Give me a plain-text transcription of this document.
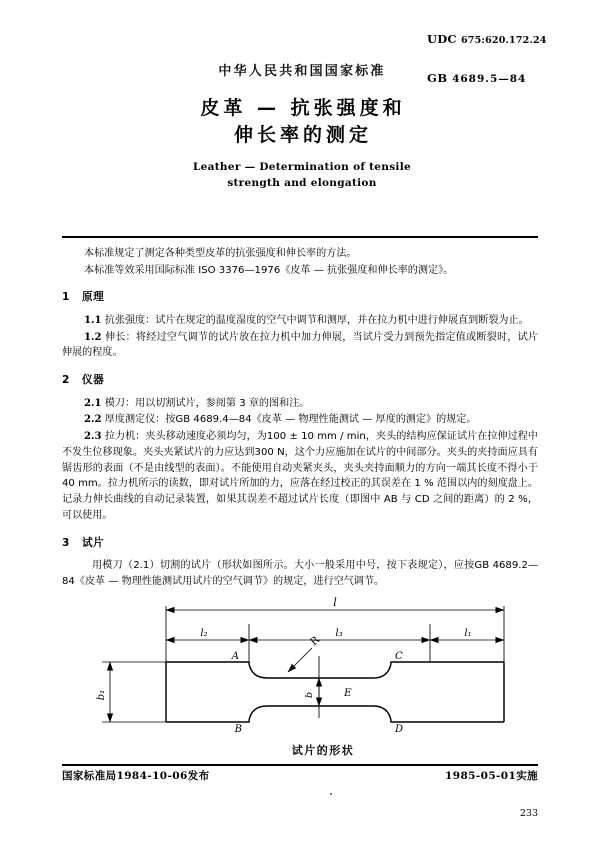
中华人民共和国国家标准
皮革 — 抗张强度和
伸长率的测定
Leather — Determination of tensile
strength and elongation
UDC 675:620.172.24
GB 4689.5—84

本标准规定了测定各种类型皮革的抗张强度和伸长率的方法。

本标准等效采用国际标准 ISO 3376—1976《皮革 — 抗张强度和伸长率的测定》。

1 原理

1.1 抗张强度：试片在规定的温度湿度的空气中调节和测厚，并在拉力机中进行伸展直到断裂为止。

1.2 伸长：将经过空气调节的试片放在拉力机中加力伸展，当试片受力到预先指定值或断裂时，试片伸展的程度。

2 仪器

2.1 模刀：用以切割试片，参阅第 3 章的图和注。

2.2 厚度测定仪：按GB 4689.4—84《皮革 — 物理性能测试 — 厚度的测定》的规定。

2.3 拉力机：夹头移动速度必须均匀，为100 ± 10 mm / min，夹头的结构应保证试片在拉伸过程中不发生位移现象。夹头夹紧试片的力应达到300 N，这个力应施加在试片的中间部分。夹头的夹持面应具有锯齿形的表面（不是由线型的表面）。不能使用自动夹紧夹头，夹头夹持面顺力的方向一端其长度不得小于40 mm。拉力机所示的读数，即对试片所加的力，应落在经过校正的其误差在 1 % 范围以内的刻度盘上。记录力伸长曲线的自动记录装置，如果其误差不超过试片长度（即图中 AB 与 CD 之间的距离）的 2 %，可以使用。

3 试片

用模刀（2.1）切割的试片（形状如图所示。大小一般采用中号，按下表规定），应按GB 4689.2—84《皮革 — 物理性能测试用试片的空气调节》的规定，进行空气调节。

l
l₂	l₃	l₁
b₁
R
b	E
A
B
C
D
试片的形状
国家标准局1984-10-06发布	1985-05-01实施
233
